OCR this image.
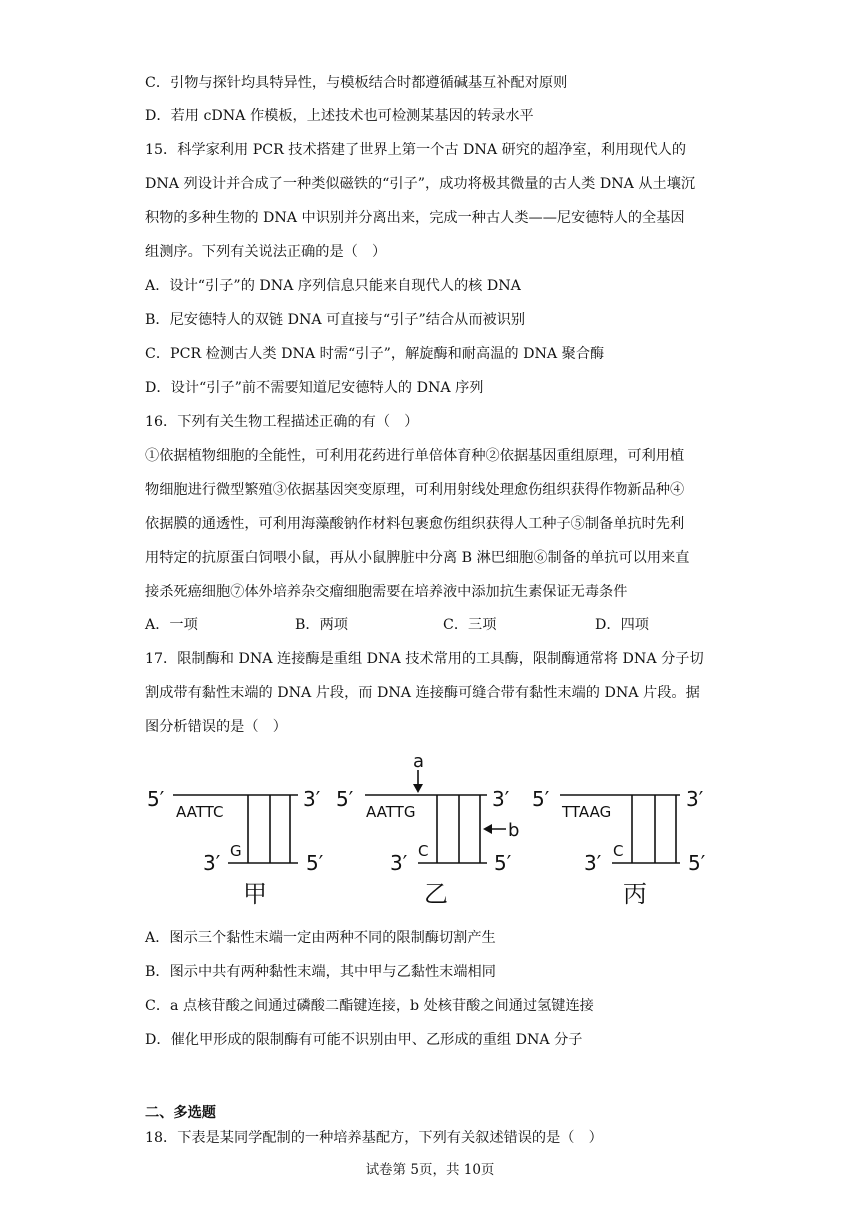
C．引物与探针均具特异性，与模板结合时都遵循碱基互补配对原则
D．若用 cDNA 作模板，上述技术也可检测某基因的转录水平
15．科学家利用 PCR 技术搭建了世界上第一个古 DNA 研究的超净室，利用现代人的
DNA 列设计并合成了一种类似磁铁的“引子”，成功将极其微量的古人类 DNA 从土壤沉
积物的多种生物的 DNA 中识别并分离出来，完成一种古人类——尼安德特人的全基因
组测序。下列有关说法正确的是（　）
A．设计“引子”的 DNA 序列信息只能来自现代人的核 DNA
B．尼安德特人的双链 DNA 可直接与“引子”结合从而被识别
C．PCR 检测古人类 DNA 时需“引子”，解旋酶和耐高温的 DNA 聚合酶
D．设计“引子”前不需要知道尼安德特人的 DNA 序列
16．下列有关生物工程描述正确的有（　）
①依据植物细胞的全能性，可利用花药进行单倍体育种②依据基因重组原理，可利用植
物细胞进行微型繁殖③依据基因突变原理，可利用射线处理愈伤组织获得作物新品种④
依据膜的通透性，可利用海藻酸钠作材料包裹愈伤组织获得人工种子⑤制备单抗时先利
用特定的抗原蛋白饲喂小鼠，再从小鼠脾脏中分离 B 淋巴细胞⑥制备的单抗可以用来直
接杀死癌细胞⑦体外培养杂交瘤细胞需要在培养液中添加抗生素保证无毒条件
A．一项	B．两项	C．三项	D．四项
17．限制酶和 DNA 连接酶是重组 DNA 技术常用的工具酶，限制酶通常将 DNA 分子切
割成带有黏性末端的 DNA 片段，而 DNA 连接酶可缝合带有黏性末端的 DNA 片段。据
图分析错误的是（　）
5′	3′
3′	5′
5′	3′
3′	5′
5′	3′
3′	5′
AATTC
G
AATTG
C
TTAAG
C
a
b
甲	乙	丙
A．图示三个黏性末端一定由两种不同的限制酶切割产生
B．图示中共有两种黏性末端，其中甲与乙黏性末端相同
C．a 点核苷酸之间通过磷酸二酯键连接，b 处核苷酸之间通过氢键连接
D．催化甲形成的限制酶有可能不识别由甲、乙形成的重组 DNA 分子
二、多选题
18．下表是某同学配制的一种培养基配方，下列有关叙述错误的是（　）
试卷第 5页，共 10页
